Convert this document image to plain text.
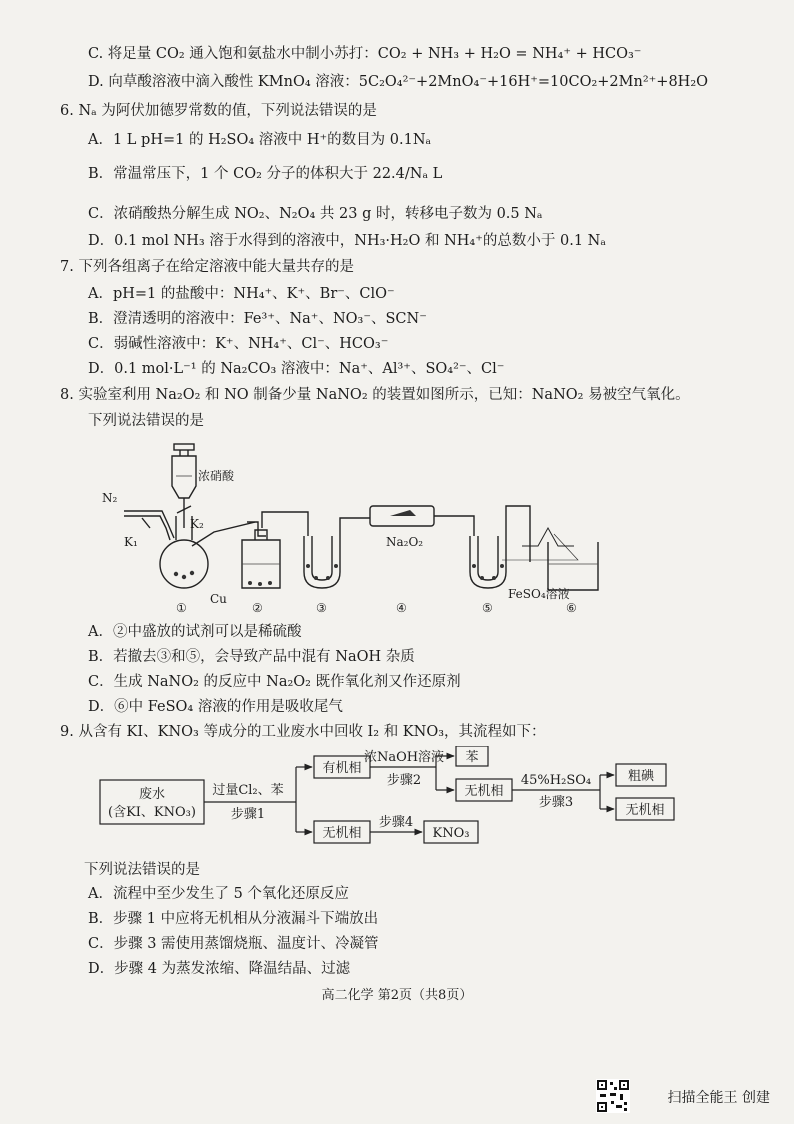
C. 将足量 CO₂ 通入饱和氨盐水中制小苏打：CO₂ + NH₃ + H₂O = NH₄⁺ + HCO₃⁻
D. 向草酸溶液中滴入酸性 KMnO₄ 溶液：5C₂O₄²⁻+2MnO₄⁻+16H⁺=10CO₂+2Mn²⁺+8H₂O
6. Nₐ 为阿伏加德罗常数的值，下列说法错误的是
A．1 L pH=1 的 H₂SO₄ 溶液中 H⁺的数目为 0.1Nₐ
B．常温常压下，1 个 CO₂ 分子的体积大于 22.4/Nₐ L
C．浓硝酸热分解生成 NO₂、N₂O₄ 共 23 g 时，转移电子数为 0.5 Nₐ
D．0.1 mol NH₃ 溶于水得到的溶液中，NH₃·H₂O 和 NH₄⁺的总数小于 0.1 Nₐ
7. 下列各组离子在给定溶液中能大量共存的是
A．pH=1 的盐酸中：NH₄⁺、K⁺、Br⁻、ClO⁻
B．澄清透明的溶液中：Fe³⁺、Na⁺、NO₃⁻、SCN⁻
C．弱碱性溶液中：K⁺、NH₄⁺、Cl⁻、HCO₃⁻
D．0.1 mol·L⁻¹ 的 Na₂CO₃ 溶液中：Na⁺、Al³⁺、SO₄²⁻、Cl⁻
8. 实验室利用 Na₂O₂ 和 NO 制备少量 NaNO₂ 的装置如图所示，已知：NaNO₂ 易被空气氧化。
下列说法错误的是
N₂
K₁
K₂
浓硝酸
Cu
Na₂O₂
FeSO₄溶液
①	②	③	④	⑤	⑥
A．②中盛放的试剂可以是稀硫酸
B．若撤去③和⑤，会导致产品中混有 NaOH 杂质
C．生成 NaNO₂ 的反应中 Na₂O₂ 既作氧化剂又作还原剂
D．⑥中 FeSO₄ 溶液的作用是吸收尾气
9. 从含有 KI、KNO₃ 等成分的工业废水中回收 I₂ 和 KNO₃，其流程如下：
废水
(含KI、KNO₃)
过量Cl₂、苯
步骤1
有机相
无机相
浓NaOH溶液
步骤2
苯
无机相
步骤4
KNO₃
45%H₂SO₄
步骤3
粗碘
无机相
下列说法错误的是
A．流程中至少发生了 5 个氧化还原反应
B．步骤 1 中应将无机相从分液漏斗下端放出
C．步骤 3 需使用蒸馏烧瓶、温度计、冷凝管
D．步骤 4 为蒸发浓缩、降温结晶、过滤
高二化学 第2页（共8页）
扫描全能王 创建
